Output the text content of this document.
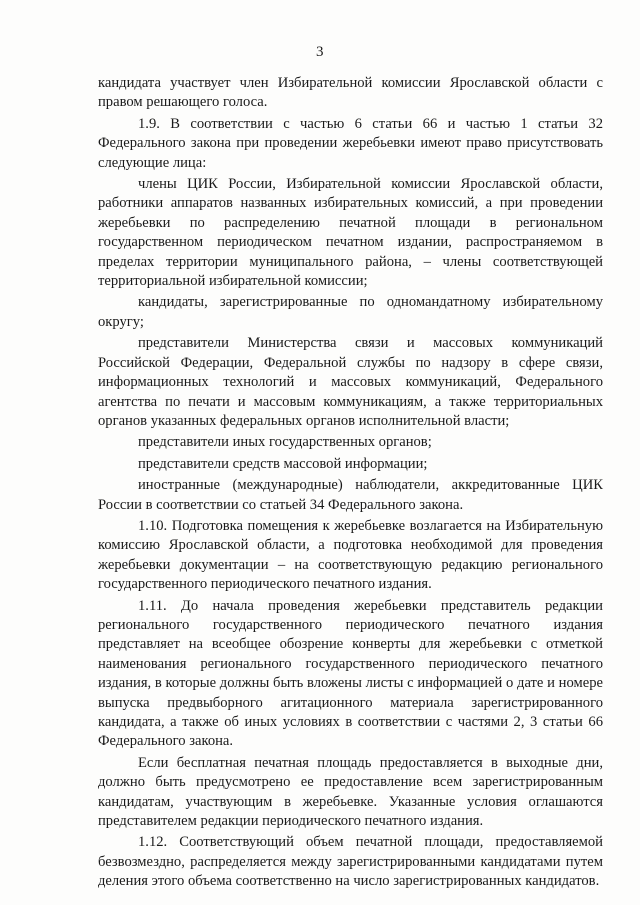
3

кандидата участвует член Избирательной комиссии Ярославской области с правом решающего голоса.

1.9. В соответствии с частью 6 статьи 66 и частью 1 статьи 32 Федерального закона при проведении жеребьевки имеют право присутствовать следующие лица:

члены ЦИК России, Избирательной комиссии Ярославской области, работники аппаратов названных избирательных комиссий, а при проведении жеребьевки по распределению печатной площади в региональном государственном периодическом печатном издании, распространяемом в пределах территории муниципального района, – члены соответствующей территориальной избирательной комиссии;

кандидаты, зарегистрированные по одномандатному избирательному округу;

представители Министерства связи и массовых коммуникаций Российской Федерации, Федеральной службы по надзору в сфере связи, информационных технологий и массовых коммуникаций, Федерального агентства по печати и массовым коммуникациям, а также территориальных органов указанных федеральных органов исполнительной власти;

представители иных государственных органов;

представители средств массовой информации;

иностранные (международные) наблюдатели, аккредитованные ЦИК России в соответствии со статьей 34 Федерального закона.

1.10. Подготовка помещения к жеребьевке возлагается на Избирательную комиссию Ярославской области, а подготовка необходимой для проведения жеребьевки документации – на соответствующую редакцию регионального государственного периодического печатного издания.

1.11. До начала проведения жеребьевки представитель редакции регионального государственного периодического печатного издания представляет на всеобщее обозрение конверты для жеребьевки с отметкой наименования регионального государственного периодического печатного издания, в которые должны быть вложены листы с информацией о дате и номере выпуска предвыборного агитационного материала зарегистрированного кандидата, а также об иных условиях в соответствии с частями 2, 3 статьи 66 Федерального закона.

Если бесплатная печатная площадь предоставляется в выходные дни, должно быть предусмотрено ее предоставление всем зарегистрированным кандидатам, участвующим в жеребьевке. Указанные условия оглашаются представителем редакции периодического печатного издания.

1.12. Соответствующий объем печатной площади, предоставляемой безвозмездно, распределяется между зарегистрированными кандидатами путем деления этого объема соответственно на число зарегистрированных кандидатов.
